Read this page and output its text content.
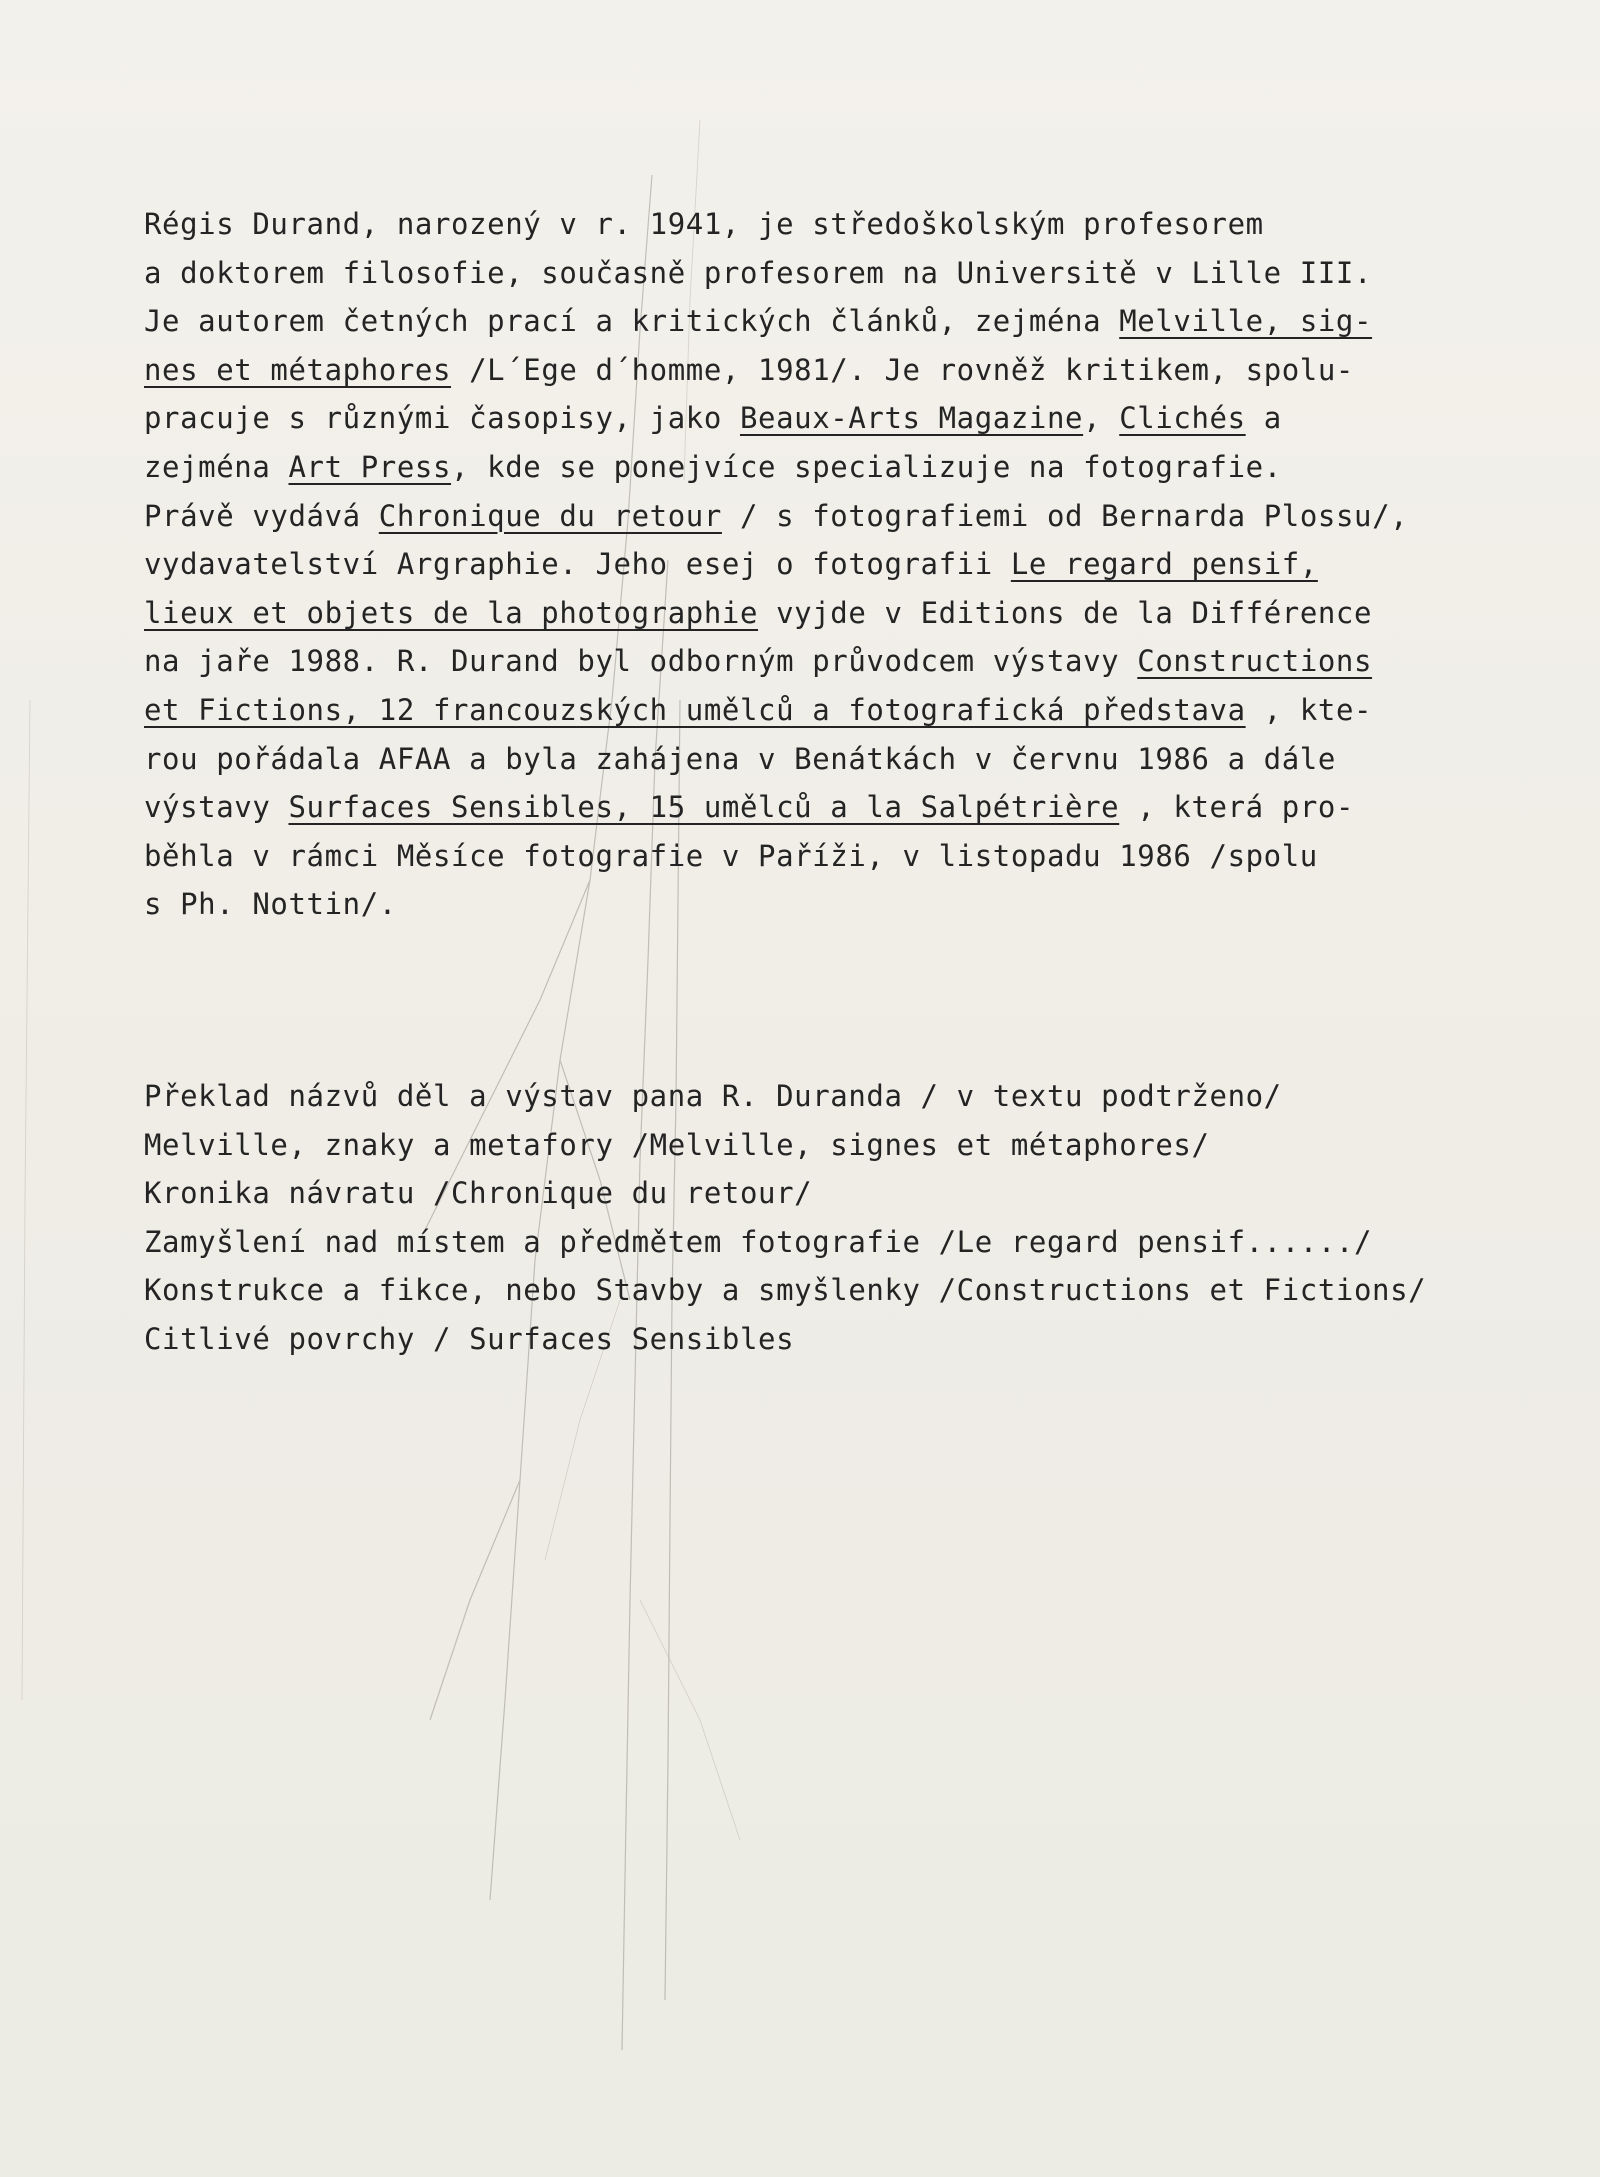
Régis Durand, narozený v r. 1941, je středoškolským profesorem
a doktorem filosofie, současně profesorem na Universitě v Lille III.
Je autorem četných prací a kritických článků, zejména Melville, sig-
nes et métaphores /L´Ege d´homme, 1981/. Je rovněž kritikem, spolu-
pracuje s různými časopisy, jako Beaux-Arts Magazine, Clichés a
zejména Art Press, kde se ponejvíce specializuje na fotografie.
Právě vydává Chronique du retour / s fotografiemi od Bernarda Plossu/,
vydavatelství Argraphie. Jeho esej o fotografii Le regard pensif,
lieux et objets de la photographie vyjde v Editions de la Différence
na jaře 1988. R. Durand byl odborným průvodcem výstavy Constructions
et Fictions, 12 francouzských umělců a fotografická představa , kte-
rou pořádala AFAA a byla zahájena v Benátkách v červnu 1986 a dále
výstavy Surfaces Sensibles, 15 umělců a la Salpétrière , která pro-
běhla v rámci Měsíce fotografie v Paříži, v listopadu 1986 /spolu
s Ph. Nottin/.
Překlad názvů děl a výstav pana R. Duranda / v textu podtrženo/
Melville, znaky a metafory /Melville, signes et métaphores/
Kronika návratu /Chronique du retour/
Zamyšlení nad místem a předmětem fotografie /Le regard pensif....../
Konstrukce a fikce, nebo Stavby a smyšlenky /Constructions et Fictions/
Citlivé povrchy / Surfaces Sensibles
